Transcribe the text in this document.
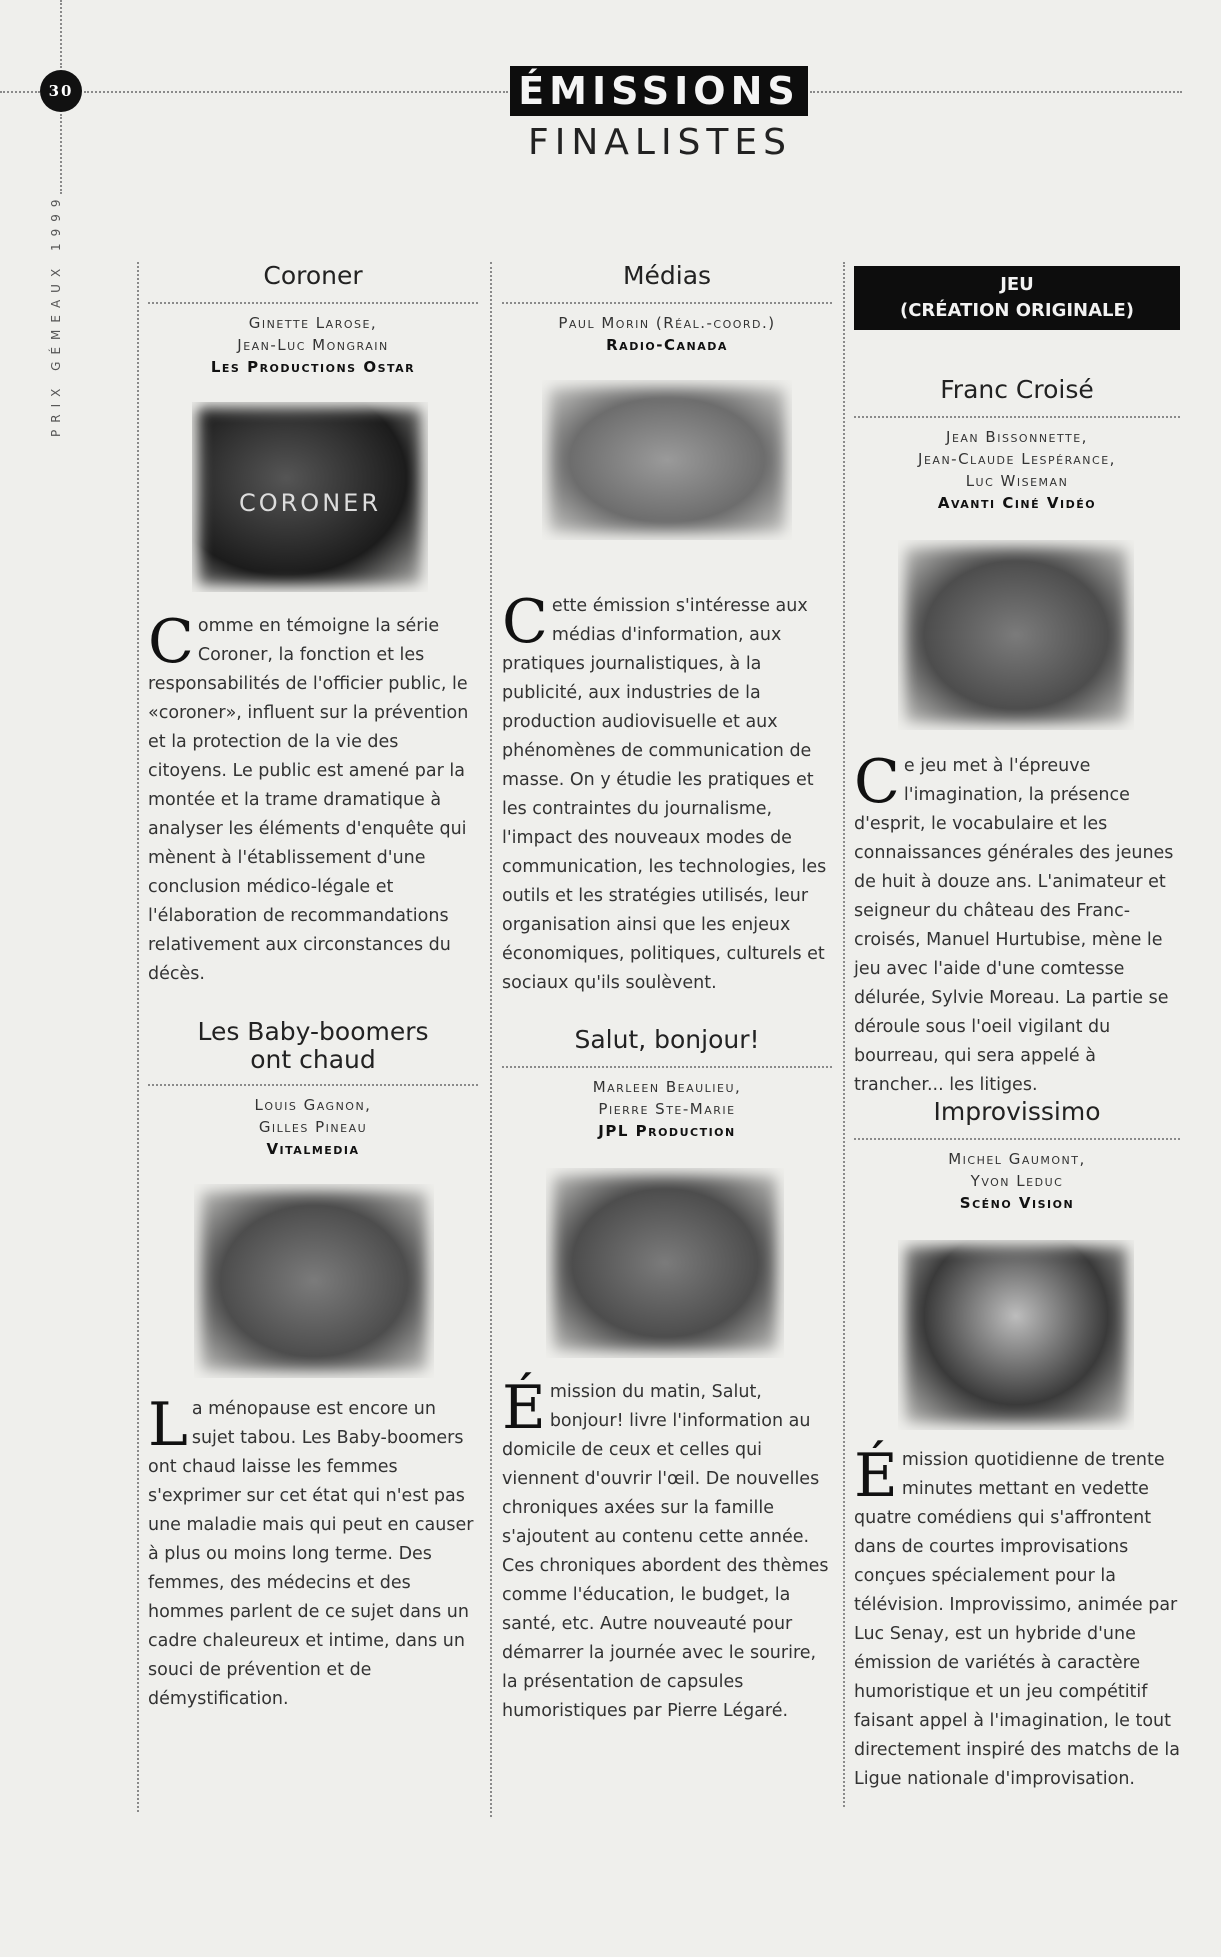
30
PRIX GÉMEAUX 1999
ÉMISSIONS
FINALISTES
Coroner
Ginette Larose,
Jean-Luc Mongrain
Les Productions Ostar
CORONER
Comme en témoigne la série Coroner, la fonction et les responsabilités de l'officier public, le «coroner», influent sur la prévention et la protection de la vie des citoyens. Le public est amené par la montée et la trame dramatique à analyser les éléments d'enquête qui mènent à l'établissement d'une conclusion médico-légale et l'élaboration de recommandations relativement aux circonstances du décès.
Les Baby-boomers
ont chaud
Louis Gagnon,
Gilles Pineau
Vitalmedia
La ménopause est encore un sujet tabou. Les Baby-boomers ont chaud laisse les femmes s'exprimer sur cet état qui n'est pas une maladie mais qui peut en causer à plus ou moins long terme. Des femmes, des médecins et des hommes parlent de ce sujet dans un cadre chaleureux et intime, dans un souci de prévention et de démystification.
Médias
Paul Morin (Réal.-coord.)
Radio-Canada
Cette émission s'intéresse aux médias d'information, aux pratiques journalistiques, à la publicité, aux industries de la production audiovisuelle et aux phénomènes de communication de masse. On y étudie les pratiques et les contraintes du journalisme, l'impact des nouveaux modes de communication, les technologies, les outils et les stratégies utilisés, leur organisation ainsi que les enjeux économiques, politiques, culturels et sociaux qu'ils soulèvent.
Salut, bonjour!
Marleen Beaulieu,
Pierre Ste-Marie
JPL Production
Émission du matin, Salut, bonjour! livre l'information au domicile de ceux et celles qui viennent d'ouvrir l'œil. De nouvelles chroniques axées sur la famille s'ajoutent au contenu cette année. Ces chroniques abordent des thèmes comme l'éducation, le budget, la santé, etc. Autre nouveauté pour démarrer la journée avec le sourire, la présentation de capsules humoristiques par Pierre Légaré.
JEU
(CRÉATION ORIGINALE)
Franc Croisé
Jean Bissonnette,
Jean-Claude Lespérance,
Luc Wiseman
Avanti Ciné Vidéo
Ce jeu met à l'épreuve l'imagination, la présence d'esprit, le vocabulaire et les connaissances générales des jeunes de huit à douze ans. L'animateur et seigneur du château des Franc-croisés, Manuel Hurtubise, mène le jeu avec l'aide d'une comtesse délurée, Sylvie Moreau. La partie se déroule sous l'oeil vigilant du bourreau, qui sera appelé à trancher... les litiges.
Improvissimo
Michel Gaumont,
Yvon Leduc
Scéno Vision
Émission quotidienne de trente minutes mettant en vedette quatre comédiens qui s'affrontent dans de courtes improvisations conçues spécialement pour la télévision. Improvissimo, animée par Luc Senay, est un hybride d'une émission de variétés à caractère humoristique et un jeu compétitif faisant appel à l'imagination, le tout directement inspiré des matchs de la Ligue nationale d'improvisation.
